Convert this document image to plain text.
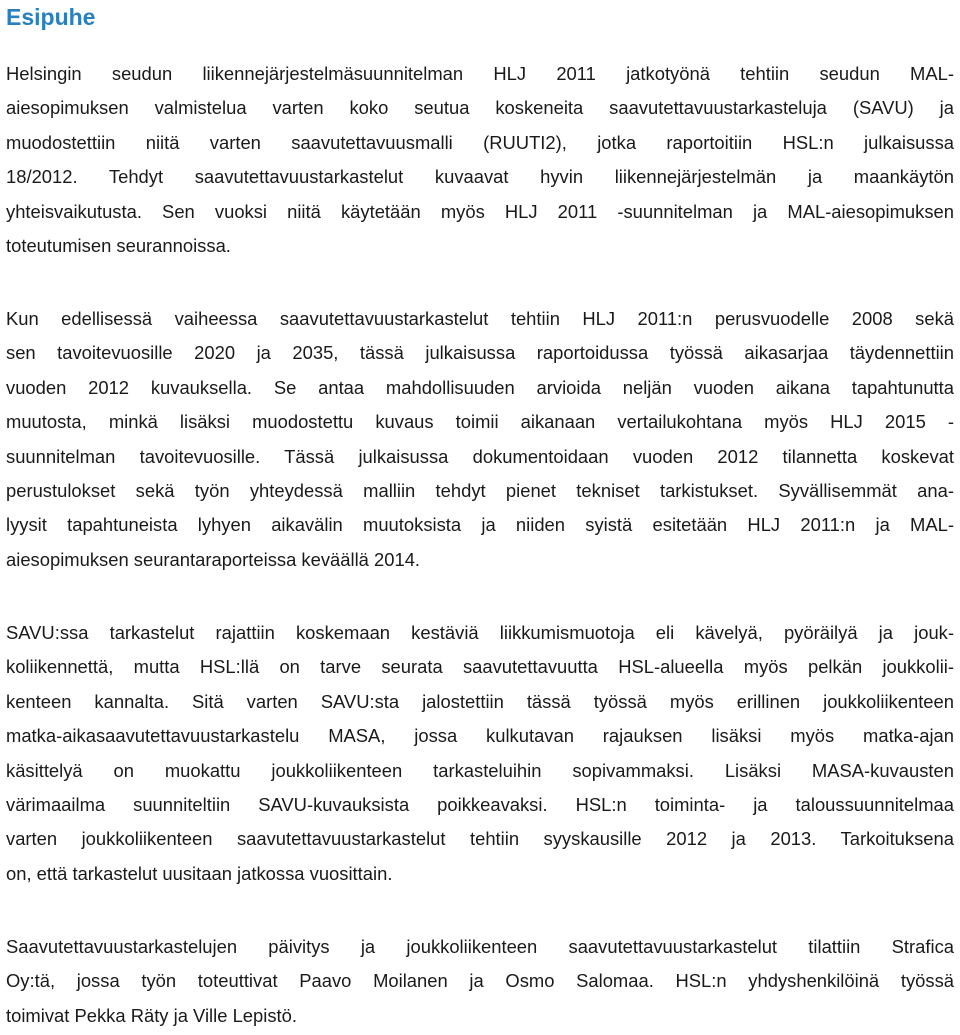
Esipuhe

Helsingin seudun liikennejärjestelmäsuunnitelman HLJ 2011 jatkotyönä tehtiin seudun MAL-
aiesopimuksen valmistelua varten koko seutua koskeneita saavutettavuustarkasteluja (SAVU) ja
muodostettiin niitä varten saavutettavuusmalli (RUUTI2), jotka raportoitiin HSL:n julkaisussa
18/2012. Tehdyt saavutettavuustarkastelut kuvaavat hyvin liikennejärjestelmän ja maankäytön
yhteisvaikutusta. Sen vuoksi niitä käytetään myös HLJ 2011 -suunnitelman ja MAL-aiesopimuksen
toteutumisen seurannoissa.

Kun edellisessä vaiheessa saavutettavuustarkastelut tehtiin HLJ 2011:n perusvuodelle 2008 sekä
sen tavoitevuosille 2020 ja 2035, tässä julkaisussa raportoidussa työssä aikasarjaa täydennettiin
vuoden 2012 kuvauksella. Se antaa mahdollisuuden arvioida neljän vuoden aikana tapahtunutta
muutosta, minkä lisäksi muodostettu kuvaus toimii aikanaan vertailukohtana myös HLJ 2015 -
suunnitelman tavoitevuosille. Tässä julkaisussa dokumentoidaan vuoden 2012 tilannetta koskevat
perustulokset sekä työn yhteydessä malliin tehdyt pienet tekniset tarkistukset. Syvällisemmät ana-
lyysit tapahtuneista lyhyen aikavälin muutoksista ja niiden syistä esitetään HLJ 2011:n ja MAL-
aiesopimuksen seurantaraporteissa keväällä 2014.

SAVU:ssa tarkastelut rajattiin koskemaan kestäviä liikkumismuotoja eli kävelyä, pyöräilyä ja jouk-
koliikennettä, mutta HSL:llä on tarve seurata saavutettavuutta HSL-alueella myös pelkän joukkolii-
kenteen kannalta. Sitä varten SAVU:sta jalostettiin tässä työssä myös erillinen joukkoliikenteen
matka-aikasaavutettavuustarkastelu MASA, jossa kulkutavan rajauksen lisäksi myös matka-ajan
käsittelyä on muokattu joukkoliikenteen tarkasteluihin sopivammaksi. Lisäksi MASA-kuvausten
värimaailma suunniteltiin SAVU-kuvauksista poikkeavaksi. HSL:n toiminta- ja taloussuunnitelmaa
varten joukkoliikenteen saavutettavuustarkastelut tehtiin syyskausille 2012 ja 2013. Tarkoituksena
on, että tarkastelut uusitaan jatkossa vuosittain.

Saavutettavuustarkastelujen päivitys ja joukkoliikenteen saavutettavuustarkastelut tilattiin Strafica
Oy:tä, jossa työn toteuttivat Paavo Moilanen ja Osmo Salomaa. HSL:n yhdyshenkilöinä työssä
toimivat Pekka Räty ja Ville Lepistö.
